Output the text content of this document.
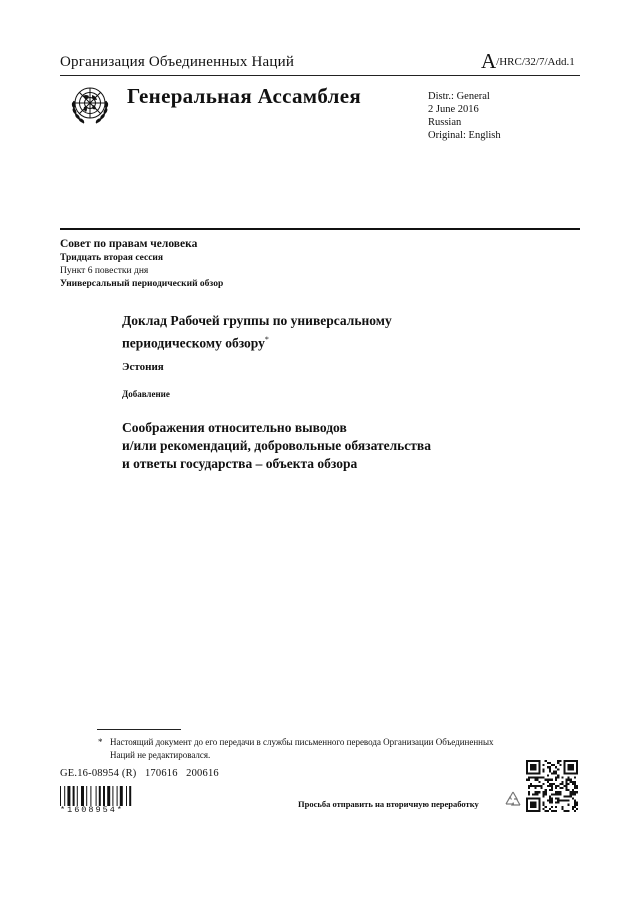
Организация Объединенных Наций	A/HRC/32/7/Add.1
Генеральная Ассамблея	Distr.: General
2 June 2016
Russian
Original: English
Совет по правам человека
Тридцать вторая сессия
Пункт 6 повестки дня
Универсальный периодический обзор
Доклад Рабочей группы по универсальному
периодическому обзору*
Эстония
Добавление
Соображения относительно выводов
и/или рекомендаций, добровольные обязательства
и ответы государства – объекта обзора
* Настоящий документ до его передачи в службы письменного перевода Организации Объединенных Наций не редактировался.
GE.16-08954 (R)   170616   200616
*1608954*
Просьба отправить на вторичную переработку
